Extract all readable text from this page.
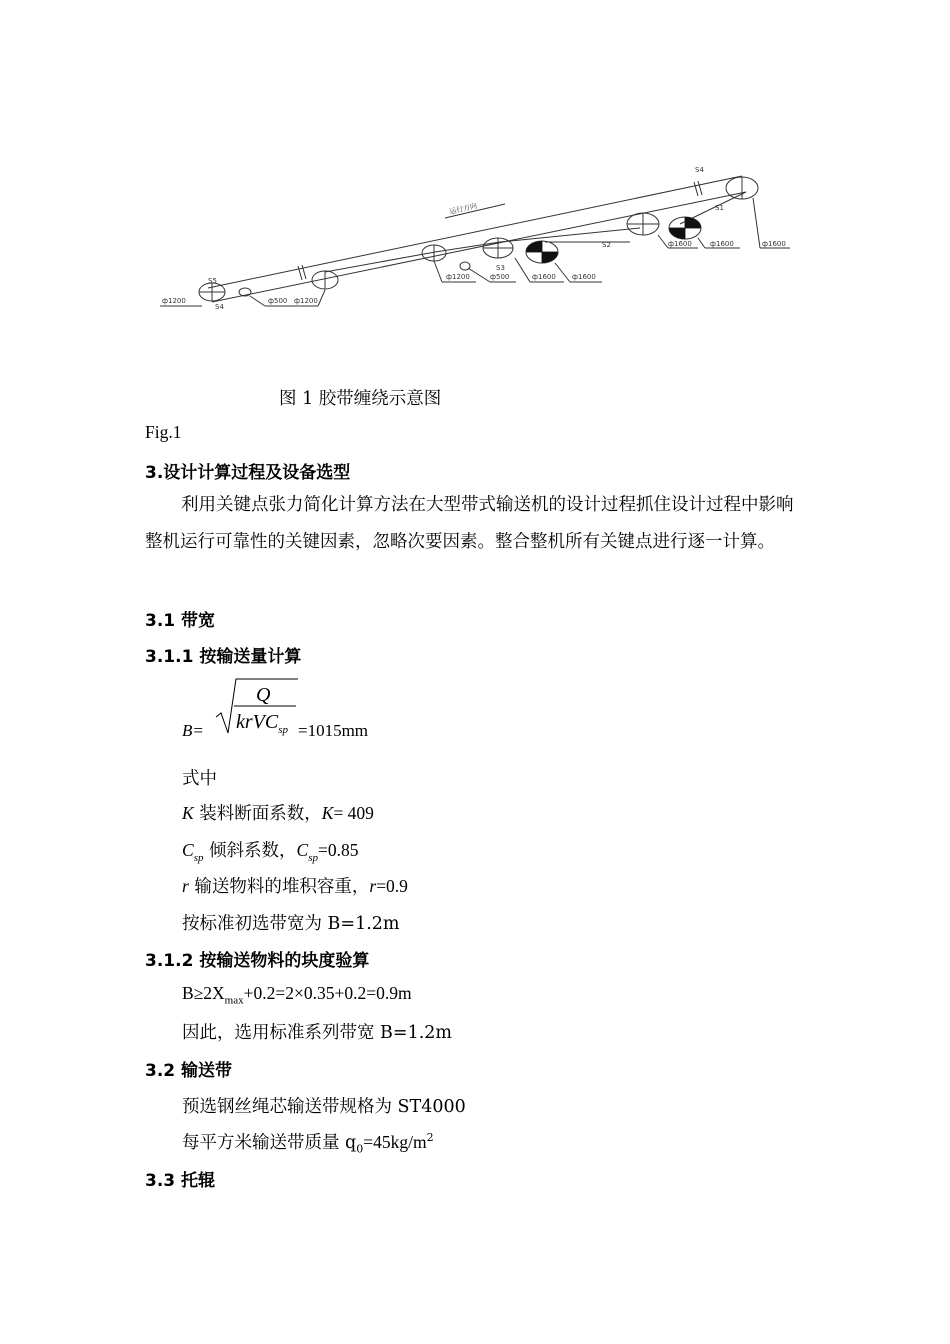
运行方向
S5
S4
S3
S2
S1
S4
ф1200	ф500 ф1200
ф1200	ф500	ф1600 ф1600
ф1600	ф1600	ф1600
图 1 胶带缠绕示意图
Fig.1
3.设计计算过程及设备选型
利用关键点张力简化计算方法在大型带式输送机的设计过程抓住设计过程中影响整机运行可靠性的关键因素，忽略次要因素。整合整机所有关键点进行逐一计算。
3.1 带宽
3.1.1 按输送量计算
B=
Q
krVC$_{sp}$ =1015mm
式中
K 装料断面系数，K= 409
$C_{sp}$ 倾斜系数，$C_{sp}=0.85$
r 输送物料的堆积容重，r=0.9
按标准初选带宽为 B=1.2m
3.1.2 按输送物料的块度验算
$B\ge 2X_{max}+0.2=2\times 0.35+0.2=0.9m$
因此，选用标准系列带宽 B=1.2m
3.2 输送带
预选钢丝绳芯输送带规格为 ST4000
每平方米输送带质量 $q_0=45kg/m^2$
3.3 托辊
